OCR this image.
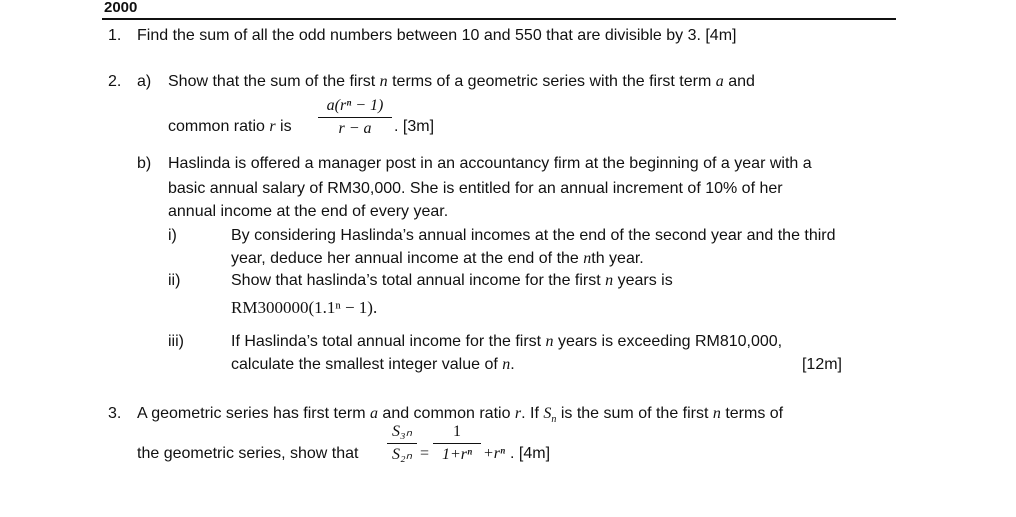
2000
1. Find the sum of all the odd numbers between 10 and 550 that are divisible by 3. [4m]
2. a) Show that the sum of the first n terms of a geometric series with the first term a and
common ratio r is
a(rⁿ − 1)
r − a	. [3m]
b) Haslinda is offered a manager post in an accountancy firm at the beginning of a year with a
basic annual salary of RM30,000. She is entitled for an annual increment of 10% of her
annual income at the end of every year.
i)	By considering Haslinda’s annual incomes at the end of the second year and the third
year, deduce her annual income at the end of the nth year.
ii)	Show that haslinda’s total annual income for the first n years is
RM300000(1.1ⁿ − 1).
iii)	If Haslinda’s total annual income for the first n years is exceeding RM810,000,
calculate the smallest integer value of n.	[12m]
3. A geometric series has first term a and common ratio r. If $S_n$ is the sum of the first n terms of
the geometric series, show that
S₃ₙ
S₂ₙ =
1
1+rⁿ +rⁿ . [4m]
